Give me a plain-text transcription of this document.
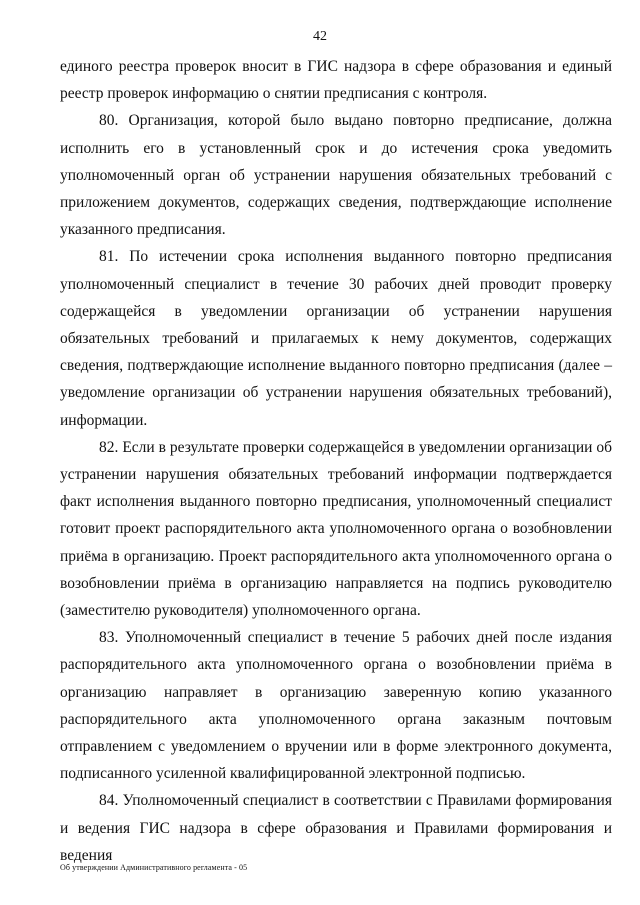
42

единого реестра проверок вносит в ГИС надзора в сфере образования и единый реестр проверок информацию о снятии предписания с контроля.

80. Организация, которой было выдано повторно предписание, должна исполнить его в установленный срок и до истечения срока уведомить уполномоченный орган об устранении нарушения обязательных требований с приложением документов, содержащих сведения, подтверждающие исполнение указанного предписания.

81. По истечении срока исполнения выданного повторно предписания уполномоченный специалист в течение 30 рабочих дней проводит проверку содержащейся в уведомлении организации об устранении нарушения обязательных требований и прилагаемых к нему документов, содержащих сведения, подтверждающие исполнение выданного повторно предписания (далее – уведомление организации об устранении нарушения обязательных требований), информации.

82. Если в результате проверки содержащейся в уведомлении организации об устранении нарушения обязательных требований информации подтверждается факт исполнения выданного повторно предписания, уполномоченный специалист готовит проект распорядительного акта уполномоченного органа о возобновлении приёма в организацию. Проект распорядительного акта уполномоченного органа о возобновлении приёма в организацию направляется на подпись руководителю (заместителю руководителя) уполномоченного органа.

83. Уполномоченный специалист в течение 5 рабочих дней после издания распорядительного акта уполномоченного органа о возобновлении приёма в организацию направляет в организацию заверенную копию указанного распорядительного акта уполномоченного органа заказным почтовым отправлением с уведомлением о вручении или в форме электронного документа, подписанного усиленной квалифицированной электронной подписью.

84. Уполномоченный специалист в соответствии с Правилами формирования и ведения ГИС надзора в сфере образования и Правилами формирования и ведения

Об утверждении Административного регламента - 05
